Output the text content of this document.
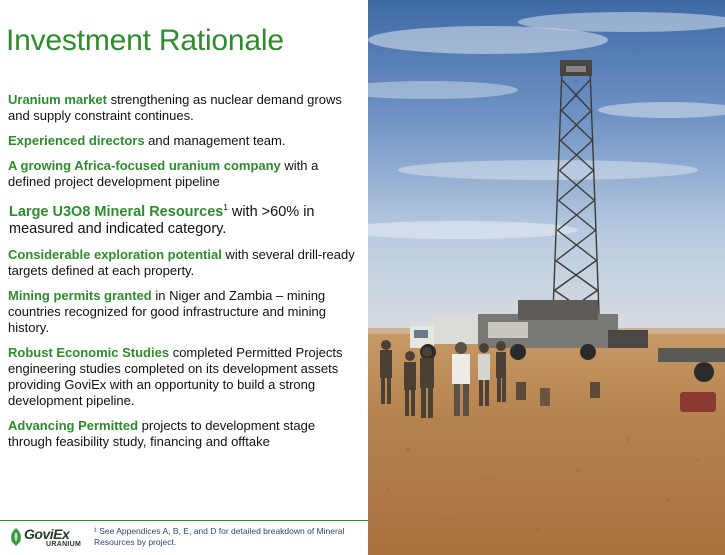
Investment Rationale

Uranium market strengthening as nuclear demand grows and supply constraint continues.

Experienced directors and management team.

A growing Africa-focused uranium company with a defined project development pipeline

Large U3O8 Mineral Resources$^1$ with >60% in measured and indicated category.

Considerable exploration potential with several drill-ready targets defined at each property.

Mining permits granted in Niger and Zambia – mining countries recognized for good infrastructure and mining history.

Robust Economic Studies completed Permitted Projects engineering studies completed on its development assets providing GoviEx with an opportunity to build a strong development pipeline.

Advancing Permitted projects to development stage through feasibility study, financing and offtake

GoviEx
URANIUM
¹ See Appendices A, B, E, and D for detailed breakdown of Mineral Resources by project.
